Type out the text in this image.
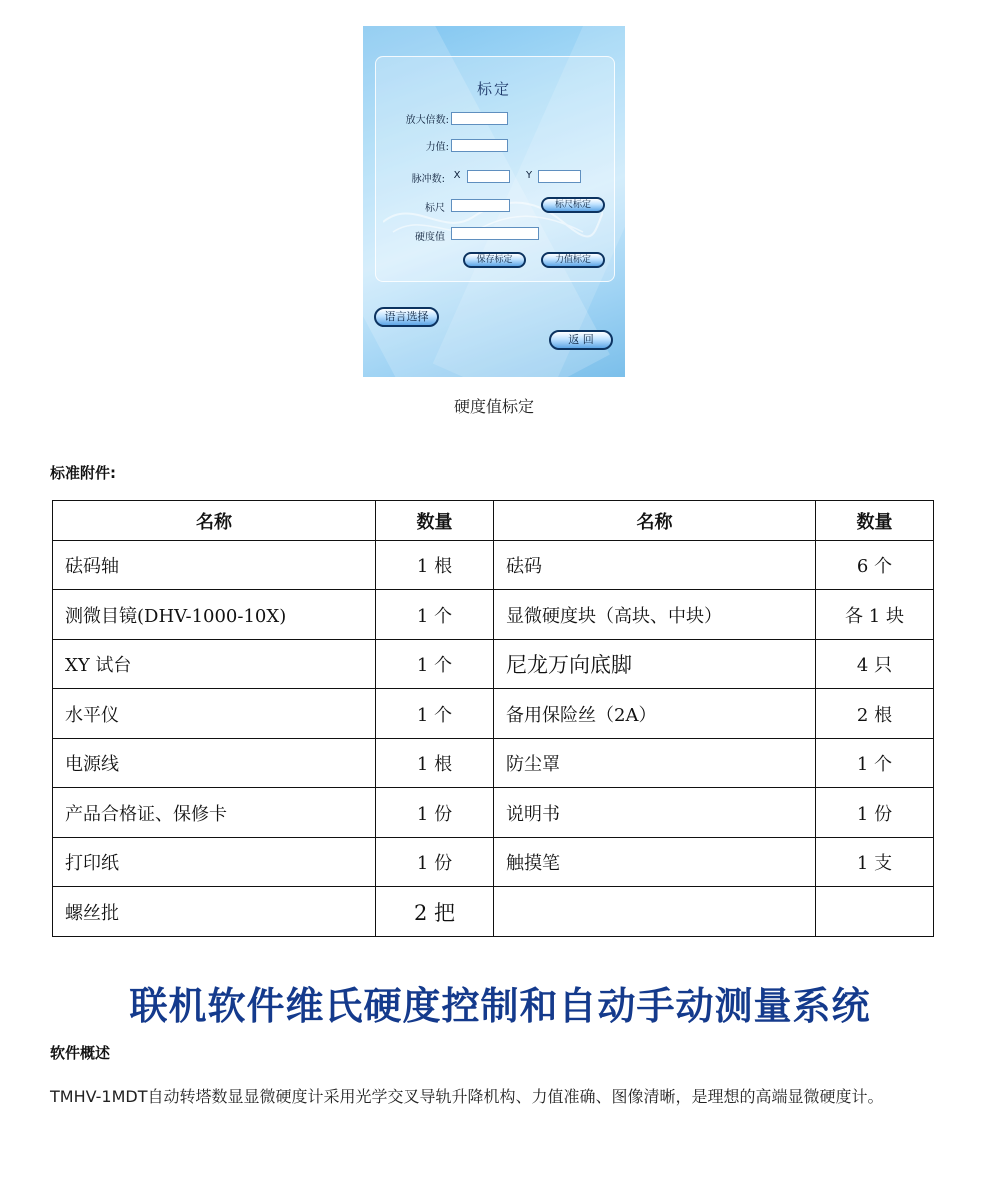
标定
放大倍数:
力值:
脉冲数: X	Y
标尺	标尺标定
硬度值
保存标定	力值标定
语言选择
返 回
硬度值标定
标准附件:
名称	数量	名称	数量
砝码轴	1 根	砝码	6 个
测微目镜(DHV-1000-10X)	1 个	显微硬度块（高块、中块）	各 1 块
XY 试台	1 个	尼龙万向底脚	4 只
水平仪	1 个	备用保险丝（2A）	2 根
电源线	1 根	防尘罩	1 个
产品合格证、保修卡	1 份	说明书	1 份
打印纸	1 份	触摸笔	1 支
螺丝批	2 把		
联机软件维氏硬度控制和自动手动测量系统
软件概述
TMHV-1MDT自动转塔数显显微硬度计采用光学交叉导轨升降机构、力值准确、图像清晰，是理想的高端显微硬度计。
